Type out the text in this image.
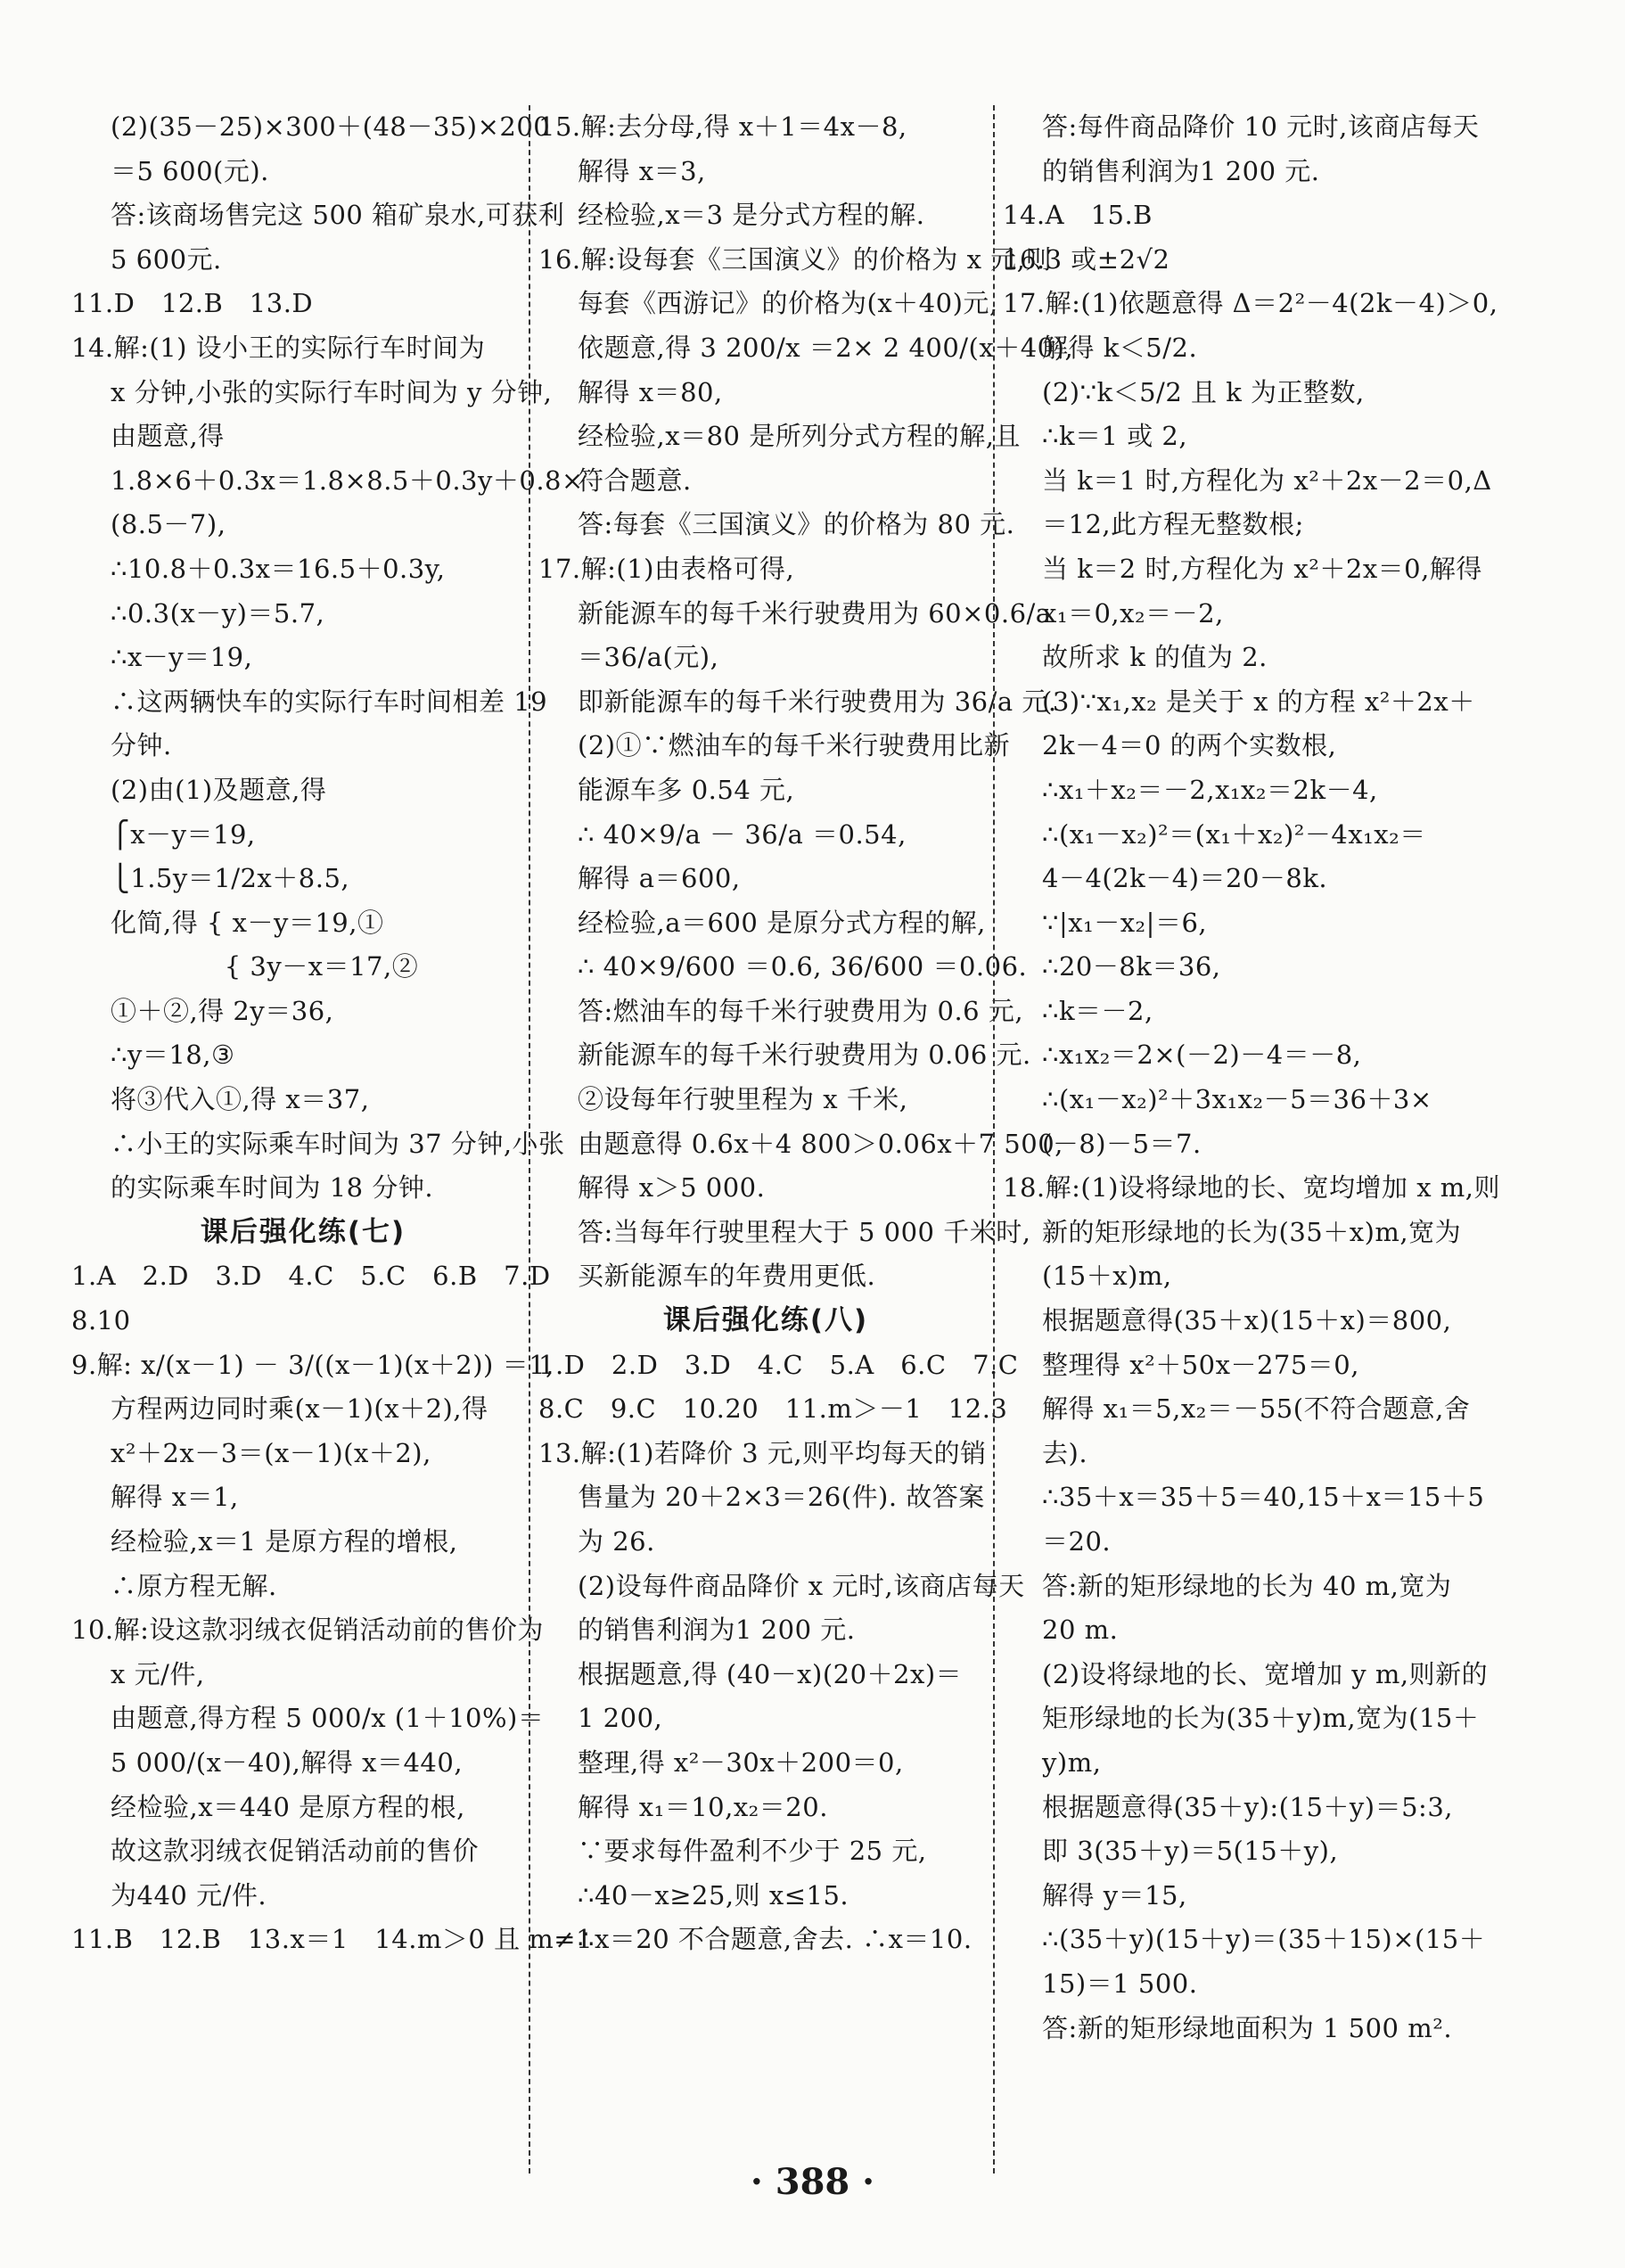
(2)(35－25)×300＋(48－35)×200
＝5 600(元).
答:该商场售完这 500 箱矿泉水,可获利
5 600元.
11.D　12.B　13.D
14.解:(1) 设小王的实际行车时间为
x 分钟,小张的实际行车时间为 y 分钟,
由题意,得
1.8×6＋0.3x＝1.8×8.5＋0.3y＋0.8×
(8.5－7),
∴10.8＋0.3x＝16.5＋0.3y,
∴0.3(x－y)＝5.7,
∴x－y＝19,
∴这两辆快车的实际行车时间相差 19
分钟.
(2)由(1)及题意,得
⎧x－y＝19,
⎩1.5y＝1/2x＋8.5,
化简,得 { x－y＝19,①
　　　　 { 3y－x＝17,②
①＋②,得 2y＝36,
∴y＝18,③
将③代入①,得 x＝37,
∴小王的实际乘车时间为 37 分钟,小张
的实际乘车时间为 18 分钟.
课后强化练(七)
1.A　2.D　3.D　4.C　5.C　6.B　7.D
8.10
9.解: x/(x－1) － 3/((x－1)(x＋2)) ＝1,
方程两边同时乘(x－1)(x＋2),得
x²＋2x－3＝(x－1)(x＋2),
解得 x＝1,
经检验,x＝1 是原方程的增根,
∴原方程无解.
10.解:设这款羽绒衣促销活动前的售价为
x 元/件,
由题意,得方程 5 000/x (1＋10%)＝
5 000/(x－40),解得 x＝440,
经检验,x＝440 是原方程的根,
故这款羽绒衣促销活动前的售价
为440 元/件.
11.B　12.B　13.x＝1　14.m＞0 且 m≠1
15.解:去分母,得 x＋1＝4x－8,
解得 x＝3,
经检验,x＝3 是分式方程的解.
16.解:设每套《三国演义》的价格为 x 元,则
每套《西游记》的价格为(x＋40)元,
依题意,得 3 200/x ＝2× 2 400/(x＋40),
解得 x＝80,
经检验,x＝80 是所列分式方程的解,且
符合题意.
答:每套《三国演义》的价格为 80 元.
17.解:(1)由表格可得,
新能源车的每千米行驶费用为 60×0.6/a
＝36/a(元),
即新能源车的每千米行驶费用为 36/a 元.
(2)①∵燃油车的每千米行驶费用比新
能源车多 0.54 元,
∴ 40×9/a － 36/a ＝0.54,
解得 a＝600,
经检验,a＝600 是原分式方程的解,
∴ 40×9/600 ＝0.6, 36/600 ＝0.06.
答:燃油车的每千米行驶费用为 0.6 元,
新能源车的每千米行驶费用为 0.06 元.
②设每年行驶里程为 x 千米,
由题意得 0.6x＋4 800＞0.06x＋7 500,
解得 x＞5 000.
答:当每年行驶里程大于 5 000 千米时,
买新能源车的年费用更低.
课后强化练(八)
1.D　2.D　3.D　4.C　5.A　6.C　7.C
8.C　9.C　10.20　11.m＞－1　12.3
13.解:(1)若降价 3 元,则平均每天的销
售量为 20＋2×3＝26(件). 故答案
为 26.
(2)设每件商品降价 x 元时,该商店每天
的销售利润为1 200 元.
根据题意,得 (40－x)(20＋2x)＝
1 200,
整理,得 x²－30x＋200＝0,
解得 x₁＝10,x₂＝20.
∵要求每件盈利不少于 25 元,
∴40－x≥25,则 x≤15.
∴x＝20 不合题意,舍去. ∴x＝10.
答:每件商品降价 10 元时,该商店每天
的销售利润为1 200 元.
14.A　15.B
16.3 或±2√2
17.解:(1)依题意得 Δ＝2²－4(2k－4)＞0,
解得 k＜5/2.
(2)∵k＜5/2 且 k 为正整数,
∴k＝1 或 2,
当 k＝1 时,方程化为 x²＋2x－2＝0,Δ
＝12,此方程无整数根;
当 k＝2 时,方程化为 x²＋2x＝0,解得
x₁＝0,x₂＝－2,
故所求 k 的值为 2.
(3)∵x₁,x₂ 是关于 x 的方程 x²＋2x＋
2k－4＝0 的两个实数根,
∴x₁＋x₂＝－2,x₁x₂＝2k－4,
∴(x₁－x₂)²＝(x₁＋x₂)²－4x₁x₂＝
4－4(2k－4)＝20－8k.
∵|x₁－x₂|＝6,
∴20－8k＝36,
∴k＝－2,
∴x₁x₂＝2×(－2)－4＝－8,
∴(x₁－x₂)²＋3x₁x₂－5＝36＋3×
(－8)－5＝7.
18.解:(1)设将绿地的长、宽均增加 x m,则
新的矩形绿地的长为(35＋x)m,宽为
(15＋x)m,
根据题意得(35＋x)(15＋x)＝800,
整理得 x²＋50x－275＝0,
解得 x₁＝5,x₂＝－55(不符合题意,舍
去).
∴35＋x＝35＋5＝40,15＋x＝15＋5
＝20.
答:新的矩形绿地的长为 40 m,宽为
20 m.
(2)设将绿地的长、宽增加 y m,则新的
矩形绿地的长为(35＋y)m,宽为(15＋
y)m,
根据题意得(35＋y):(15＋y)＝5:3,
即 3(35＋y)＝5(15＋y),
解得 y＝15,
∴(35＋y)(15＋y)＝(35＋15)×(15＋
15)＝1 500.
答:新的矩形绿地面积为 1 500 m².
· 388 ·
